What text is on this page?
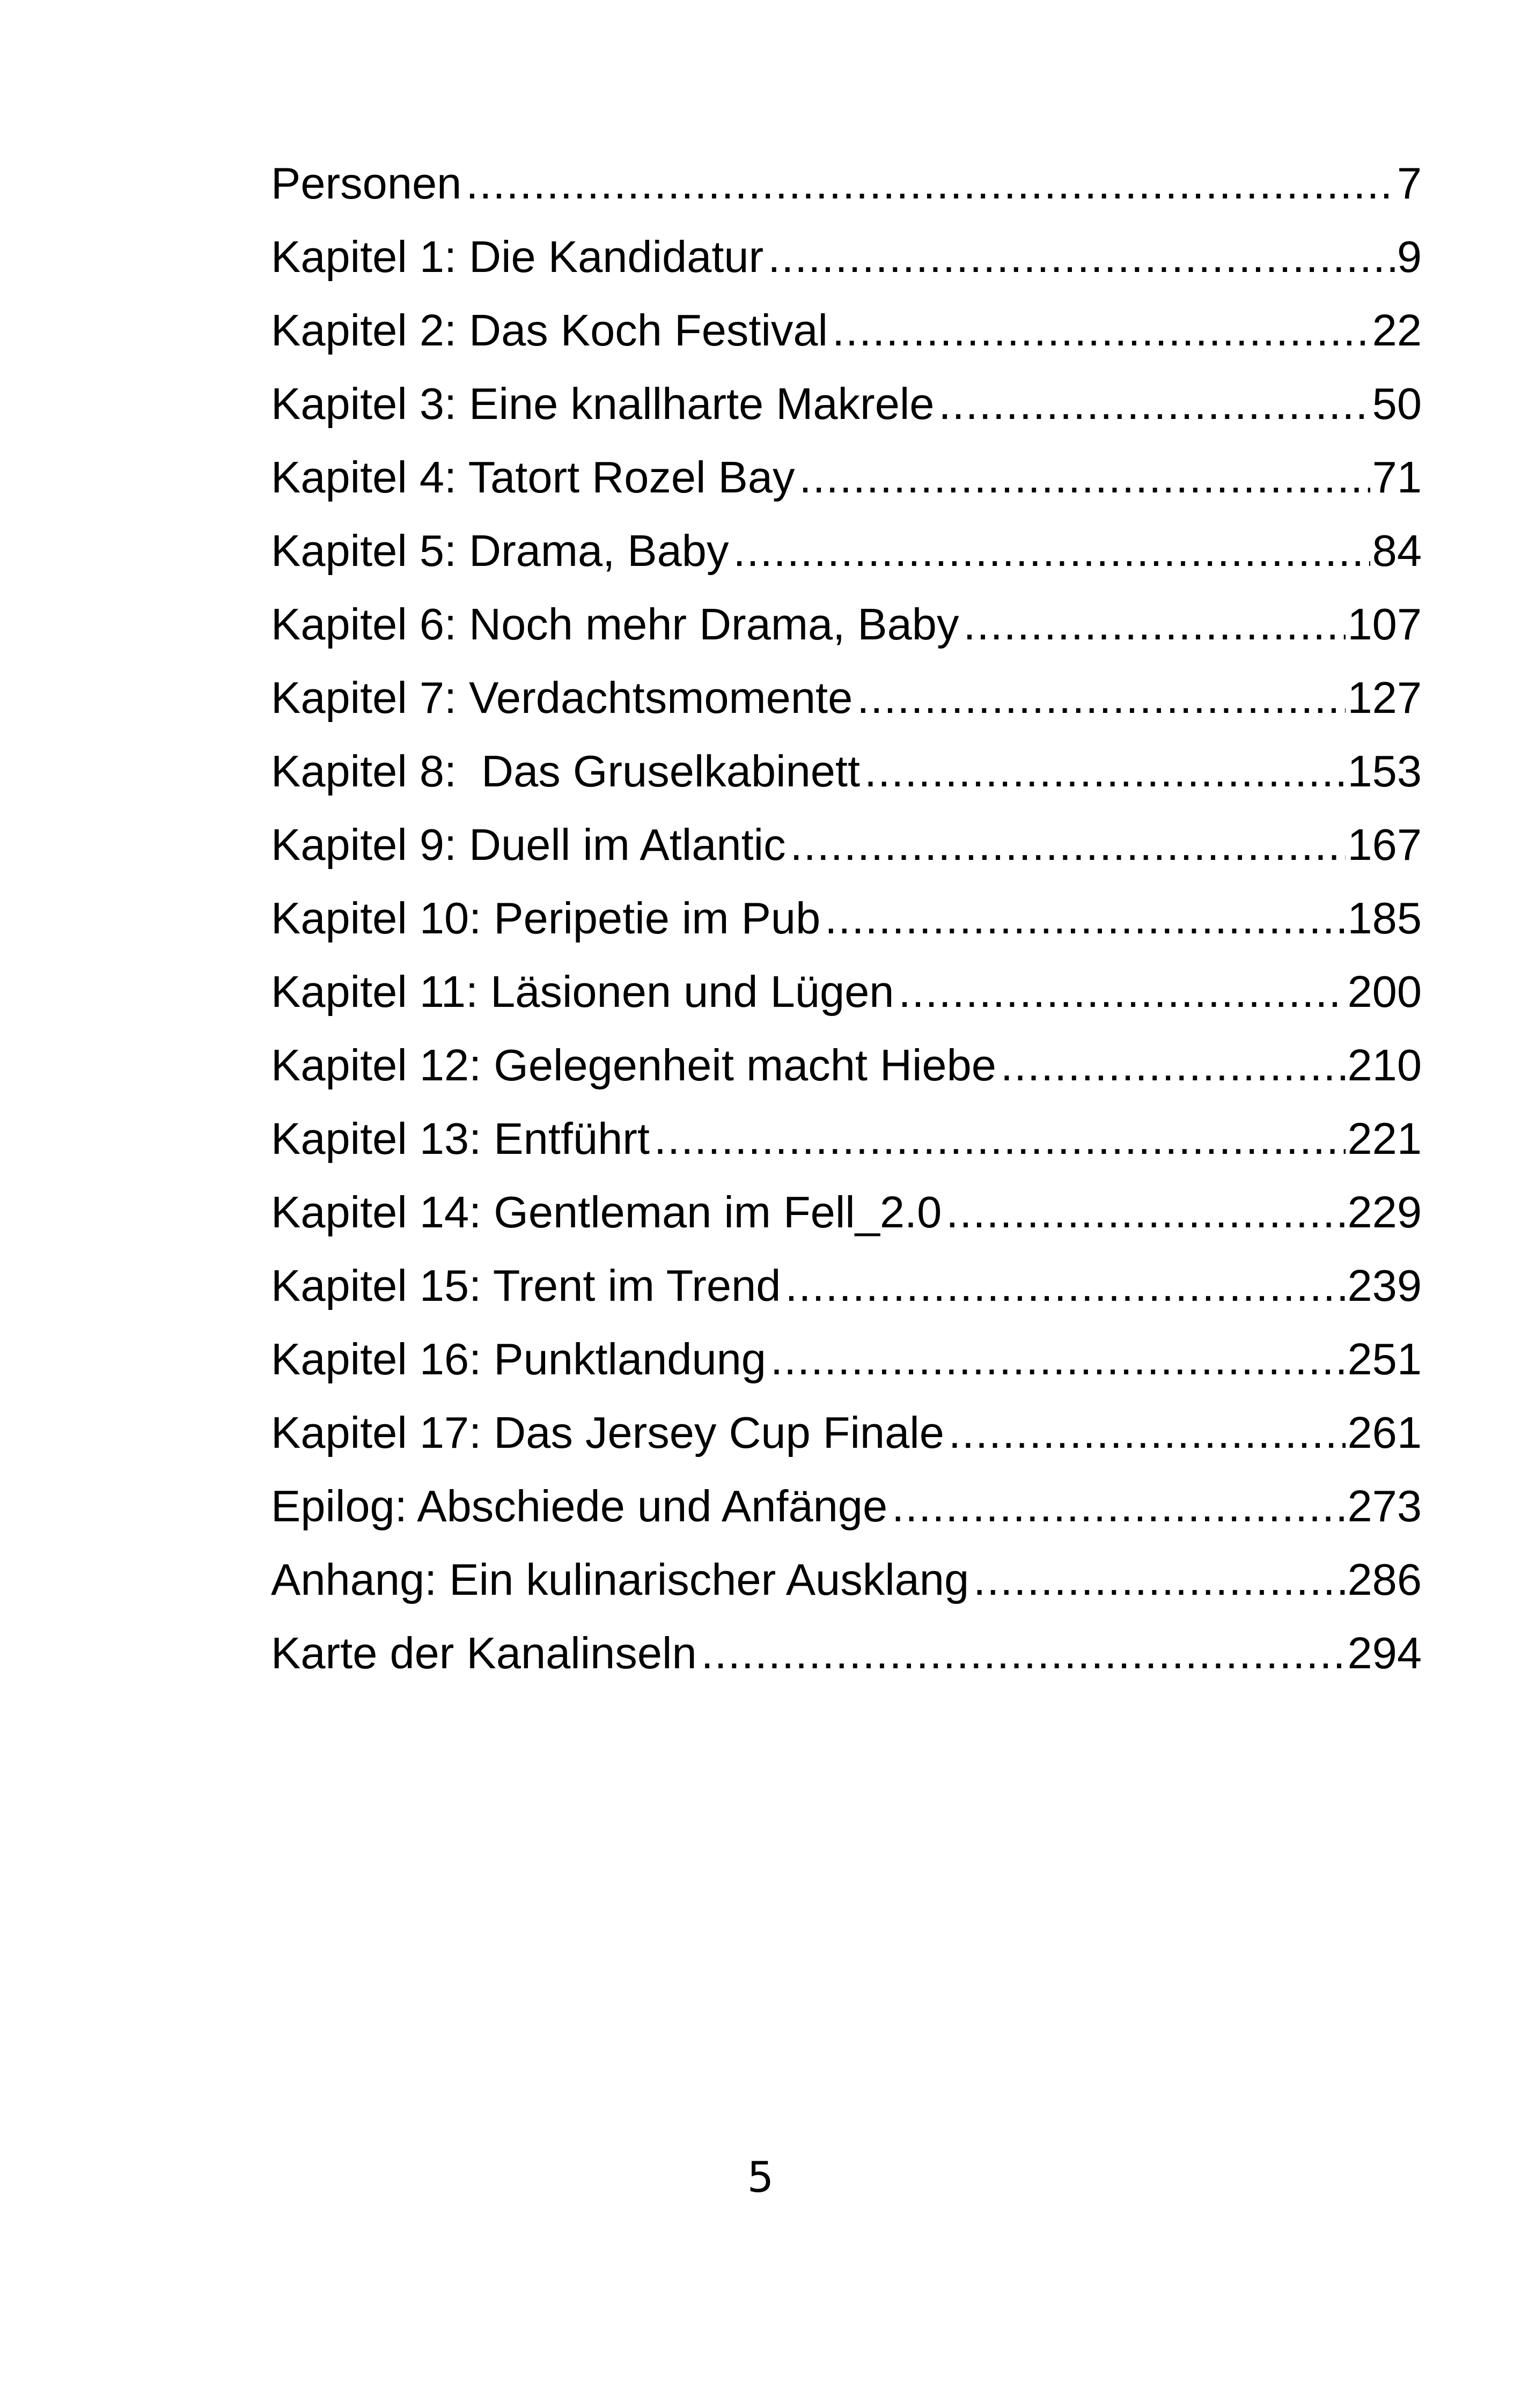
Personen .....	7
Kapitel 1: Die Kandidatur .....	9
Kapitel 2: Das Koch Festival .....	22
Kapitel 3: Eine knallharte Makrele .....	50
Kapitel 4: Tatort Rozel Bay .....	71
Kapitel 5: Drama, Baby .....	84
Kapitel 6: Noch mehr Drama, Baby .....	107
Kapitel 7: Verdachtsmomente .....	127
Kapitel 8:  Das Gruselkabinett .....	153
Kapitel 9: Duell im Atlantic .....	167
Kapitel 10: Peripetie im Pub .....	185
Kapitel 11: Läsionen und Lügen .....	200
Kapitel 12: Gelegenheit macht Hiebe .....	210
Kapitel 13: Entführt .....	221
Kapitel 14: Gentleman im Fell_2.0 .....	229
Kapitel 15: Trent im Trend .....	239
Kapitel 16: Punktlandung .....	251
Kapitel 17: Das Jersey Cup Finale .....	261
Epilog: Abschiede und Anfänge .....	273
Anhang: Ein kulinarischer Ausklang .....	286
Karte der Kanalinseln .....	294
5
